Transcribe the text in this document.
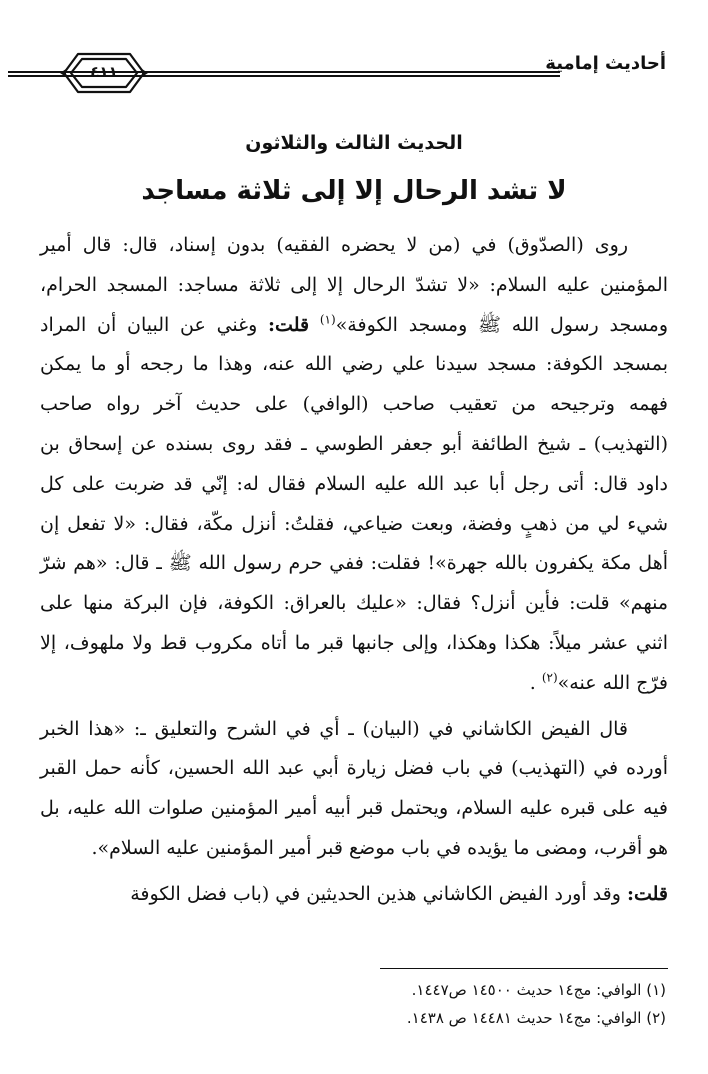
أحاديث إمامية
٤١١
الحديث الثالث والثلاثون
لا تشد الرحال إلا إلى ثلاثة مساجد

روى (الصدّوق) في (من لا يحضره الفقيه) بدون إسناد، قال: قال أمير المؤمنين عليه السلام: «لا تشدّ الرحال إلا إلى ثلاثة مساجد: المسجد الحرام، ومسجد رسول الله ﷺ ومسجد الكوفة»$^{(١)}$ قلت: وغني عن البيان أن المراد بمسجد الكوفة: مسجد سيدنا علي رضي الله عنه، وهذا ما رجحه أو ما يمكن فهمه وترجيحه من تعقيب صاحب (الوافي) على حديث آخر رواه صاحب (التهذيب) ـ شيخ الطائفة أبو جعفر الطوسي ـ فقد روى بسنده عن إسحاق بن داود قال: أتى رجل أبا عبد الله عليه السلام فقال له: إنّي قد ضربت على كل شيء لي من ذهبٍ وفضة، وبعت ضياعي، فقلتُ: أنزل مكّة، فقال: «لا تفعل إن أهل مكة يكفرون بالله جهرة»! فقلت: ففي حرم رسول الله ﷺ ـ قال: «هم شرّ منهم» قلت: فأين أنزل؟ فقال: «عليك بالعراق: الكوفة، فإن البركة منها على اثني عشر ميلاً: هكذا وهكذا، وإلى جانبها قبر ما أتاه مكروب قط ولا ملهوف، إلا فرّج الله عنه»$^{(٢)}$ .

قال الفيض الكاشاني في (البيان) ـ أي في الشرح والتعليق ـ: «هذا الخبر أورده في (التهذيب) في باب فضل زيارة أبي عبد الله الحسين، كأنه حمل القبر فيه على قبره عليه السلام، ويحتمل قبر أبيه أمير المؤمنين صلوات الله عليه، بل هو أقرب، ومضى ما يؤيده في باب موضع قبر أمير المؤمنين عليه السلام».

قلت: وقد أورد الفيض الكاشاني هذين الحديثين في (باب فضل الكوفة

(١) الوافي: مج١٤ حديث ١٤٥٠٠ ص١٤٤٧.
(٢) الوافي: مج١٤ حديث ١٤٤٨١ ص ١٤٣٨.
